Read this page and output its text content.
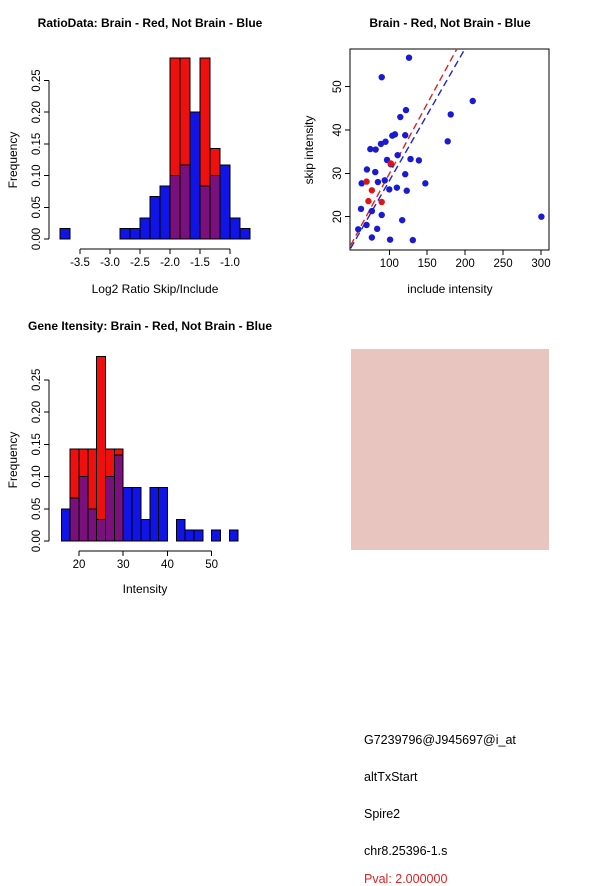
RatioData: Brain - Red, Not Brain - Blue
-3.5 -3.0 -2.5 -2.0 -1.5 -1.0
0.00
0.05
0.10
0.15
0.20
0.25
Log2 Ratio Skip/Include
Frequency
Brain - Red, Not Brain - Blue
100 150 200 250 300
20
30
40
50
include intensity
skip intensity
Gene Itensity: Brain - Red, Not Brain - Blue
20	30	40	50
0.00
0.05
0.10
0.15
0.20
0.25
Intensity
Frequency
G7239796@J945697@i_at
altTxStart
Spire2
chr8.25396-1.s
Pval: 2.000000
